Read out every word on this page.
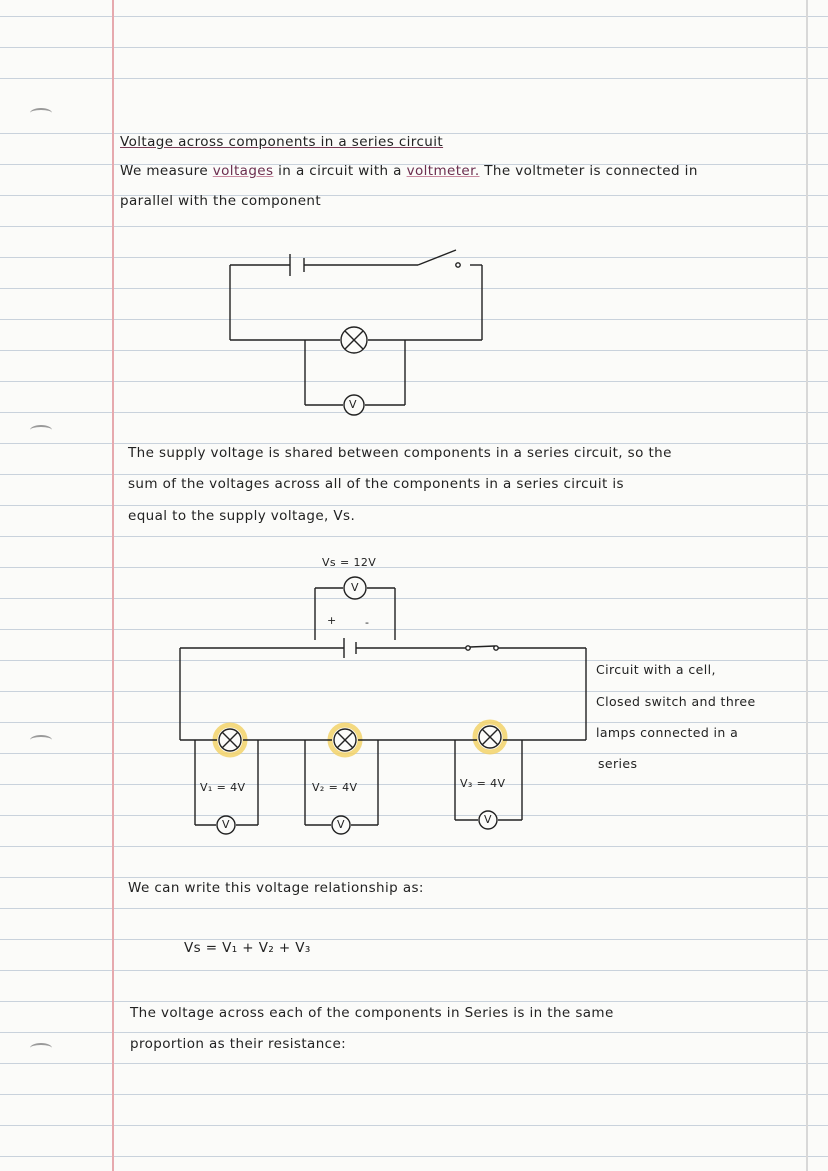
Voltage across components in a series circuit
We measure voltages in a circuit with a voltmeter. The voltmeter is connected in
parallel with the component
V
The supply voltage is shared between components in a series circuit, so the
sum of the voltages across all of the components in a series circuit is
equal to the supply voltage, Vs.
Vs = 12V
V
+	-
V₁ = 4V	V₂ = 4V	V₃ = 4V
V	V	V
Circuit with a cell,
Closed switch and three
lamps connected in a
series
We can write this voltage relationship as:
Vs = V₁ + V₂ + V₃
The voltage across each of the components in Series is in the same
proportion as their resistance:
